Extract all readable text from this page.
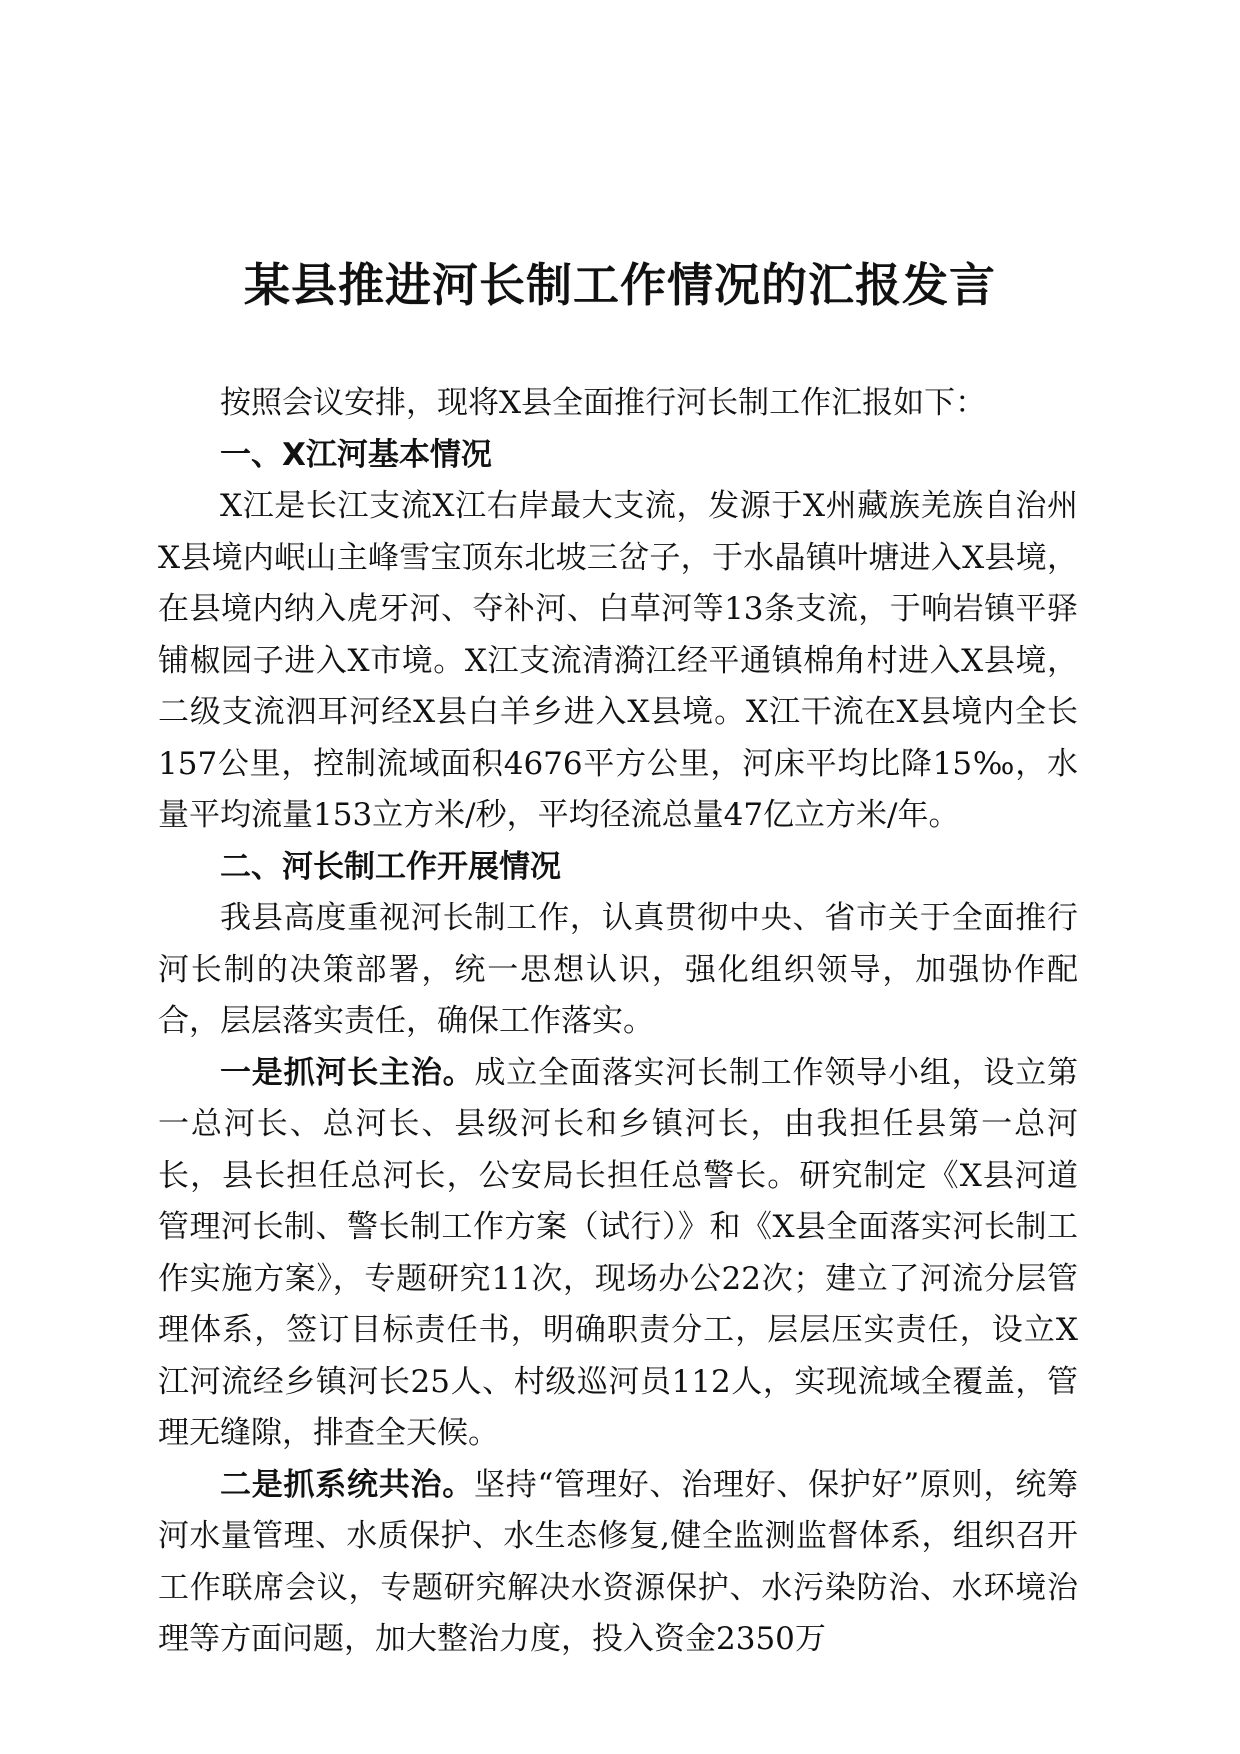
某县推进河长制工作情况的汇报发言

按照会议安排，现将X县全面推行河长制工作汇报如下：

一、X江河基本情况

X江是长江支流X江右岸最大支流，发源于X州藏族羌族自治州X县境内岷山主峰雪宝顶东北坡三岔子，于水晶镇叶塘进入X县境，在县境内纳入虎牙河、夺补河、白草河等13条支流，于响岩镇平驿铺椒园子进入X市境。X江支流清漪江经平通镇棉角村进入X县境，二级支流泗耳河经X县白羊乡进入X县境。X江干流在X县境内全长157公里，控制流域面积4676平方公里，河床平均比降15‰，水量平均流量153立方米/秒，平均径流总量47亿立方米/年。

二、河长制工作开展情况

我县高度重视河长制工作，认真贯彻中央、省市关于全面推行河长制的决策部署，统一思想认识，强化组织领导，加强协作配合，层层落实责任，确保工作落实。

一是抓河长主治。成立全面落实河长制工作领导小组，设立第一总河长、总河长、县级河长和乡镇河长，由我担任县第一总河长，县长担任总河长，公安局长担任总警长。研究制定《X县河道管理河长制、警长制工作方案（试行）》和《X县全面落实河长制工作实施方案》，专题研究11次，现场办公22次；建立了河流分层管理体系，签订目标责任书，明确职责分工，层层压实责任，设立X江河流经乡镇河长25人、村级巡河员112人，实现流域全覆盖，管理无缝隙，排查全天候。

二是抓系统共治。坚持“管理好、治理好、保护好”原则，统筹河水量管理、水质保护、水生态修复,健全监测监督体系，组织召开工作联席会议，专题研究解决水资源保护、水污染防治、水环境治理等方面问题，加大整治力度，投入资金2350万
